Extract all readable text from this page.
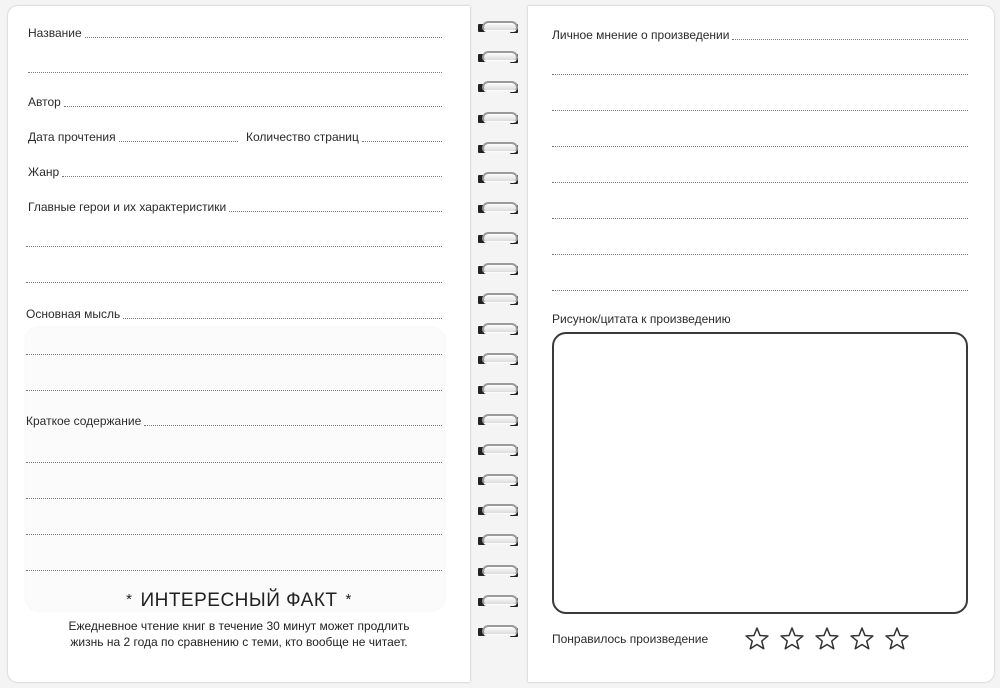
Название
Автор
Дата прочтения	Количество страниц
Жанр
Главные герои и их характеристики
Основная мысль
Краткое содержание
* ИНТЕРЕСНЫЙ ФАКТ *
Ежедневное чтение книг в течение 30 минут может продлить
жизнь на 2 года по сравнению с теми, кто вообще не читает.
Личное мнение о произведении
Рисунок/цитата к произведению
Понравилось произведение
